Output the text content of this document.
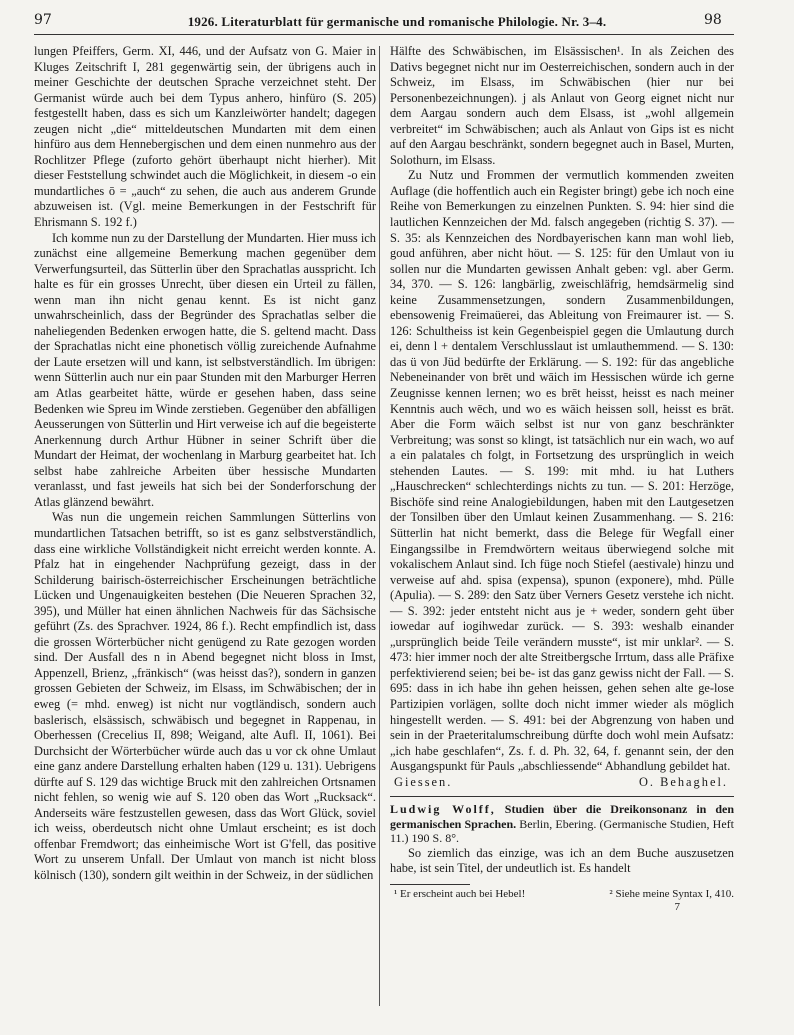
97	1926. Literaturblatt für germanische und romanische Philologie. Nr. 3–4.	98

lungen Pfeiffers, Germ. XI, 446, und der Aufsatz von G. Maier in Kluges Zeitschrift I, 281 gegenwärtig sein, der übrigens auch in meiner Geschichte der deutschen Sprache verzeichnet steht. Der Germanist würde auch bei dem Typus anhero, hinfüro (S. 205) festgestellt haben, dass es sich um Kanzleiwörter handelt; dagegen zeugen nicht „die“ mitteldeutschen Mundarten mit dem einen hinfüro aus dem Hennebergischen und dem einen nunmehro aus der Rochlitzer Pflege (zuforto gehört überhaupt nicht hierher). Mit dieser Feststellung schwindet auch die Möglichkeit, in diesem -o ein mundartliches ō = „auch“ zu sehen, die auch aus anderem Grunde abzuweisen ist. (Vgl. meine Bemerkungen in der Festschrift für Ehrismann S. 192 f.)

Ich komme nun zu der Darstellung der Mundarten. Hier muss ich zunächst eine allgemeine Bemerkung machen gegenüber dem Verwerfungsurteil, das Sütterlin über den Sprachatlas ausspricht. Ich halte es für ein grosses Unrecht, über diesen ein Urteil zu fällen, wenn man ihn nicht genau kennt. Es ist nicht ganz unwahrscheinlich, dass der Begründer des Sprachatlas selber die naheliegenden Bedenken erwogen hatte, die S. geltend macht. Dass der Sprachatlas nicht eine phonetisch völlig zureichende Aufnahme der Laute ersetzen will und kann, ist selbstverständlich. Im übrigen: wenn Sütterlin auch nur ein paar Stunden mit den Marburger Herren am Atlas gearbeitet hätte, würde er gesehen haben, dass seine Bedenken wie Spreu im Winde zerstieben. Gegenüber den abfälligen Aeusserungen von Sütterlin und Hirt verweise ich auf die begeisterte Anerkennung durch Arthur Hübner in seiner Schrift über die Mundart der Heimat, der wochenlang in Marburg gearbeitet hat. Ich selbst habe zahlreiche Arbeiten über hessische Mundarten veranlasst, und fast jeweils hat sich bei der Sonderforschung der Atlas glänzend bewährt.

Was nun die ungemein reichen Sammlungen Sütterlins von mundartlichen Tatsachen betrifft, so ist es ganz selbstverständlich, dass eine wirkliche Vollständigkeit nicht erreicht werden konnte. A. Pfalz hat in eingehender Nachprüfung gezeigt, dass in der Schilderung bairisch-österreichischer Erscheinungen beträchtliche Lücken und Ungenauigkeiten bestehen (Die Neueren Sprachen 32, 395), und Müller hat einen ähnlichen Nachweis für das Sächsische geführt (Zs. des Sprachver. 1924, 86 f.). Recht empfindlich ist, dass die grossen Wörterbücher nicht genügend zu Rate gezogen worden sind. Der Ausfall des n in Abend begegnet nicht bloss in Imst, Appenzell, Brienz, „fränkisch“ (was heisst das?), sondern in ganzen grossen Gebieten der Schweiz, im Elsass, im Schwäbischen; der in eweg (= mhd. enweg) ist nicht nur vogtländisch, sondern auch baslerisch, elsässisch, schwäbisch und begegnet in Rappenau, in Oberhessen (Crecelius II, 898; Weigand, alte Aufl. II, 1061). Bei Durchsicht der Wörterbücher würde auch das u vor ck ohne Umlaut eine ganz andere Darstellung erhalten haben (129 u. 131). Uebrigens dürfte auf S. 129 das wichtige Bruck mit den zahlreichen Ortsnamen nicht fehlen, so wenig wie auf S. 120 oben das Wort „Rucksack“. Anderseits wäre festzustellen gewesen, dass das Wort Glück, soviel ich weiss, oberdeutsch nicht ohne Umlaut erscheint; es ist doch offenbar Fremdwort; das einheimische Wort ist G'fell, das positive Wort zu unserem Unfall. Der Umlaut von manch ist nicht bloss kölnisch (130), sondern gilt weithin in der Schweiz, in der südlichen

Hälfte des Schwäbischen, im Elsässischen¹. In als Zeichen des Dativs begegnet nicht nur im Oesterreichischen, sondern auch in der Schweiz, im Elsass, im Schwäbischen (hier nur bei Personenbezeichnungen). j als Anlaut von Georg eignet nicht nur dem Aargau sondern auch dem Elsass, ist „wohl allgemein verbreitet“ im Schwäbischen; auch als Anlaut von Gips ist es nicht auf den Aargau beschränkt, sondern begegnet auch in Basel, Murten, Solothurn, im Elsass.

Zu Nutz und Frommen der vermutlich kommenden zweiten Auflage (die hoffentlich auch ein Register bringt) gebe ich noch eine Reihe von Bemerkungen zu einzelnen Punkten. S. 94: hier sind die lautlichen Kennzeichen der Md. falsch angegeben (richtig S. 37). — S. 35: als Kennzeichen des Nordbayerischen kann man wohl lieb, goud anführen, aber nicht höut. — S. 125: für den Umlaut von iu sollen nur die Mundarten gewissen Anhalt geben: vgl. aber Germ. 34, 370. — S. 126: langbärlig, zweischläfrig, hemdsärmelig sind keine Zusammensetzungen, sondern Zusammenbildungen, ebensowenig Freimaüerei, das Ableitung von Freimaurer ist. — S. 126: Schultheiss ist kein Gegenbeispiel gegen die Umlautung durch ei, denn l + dentalem Verschlusslaut ist umlauthemmend. — S. 130: das ü von Jüd bedürfte der Erklärung. — S. 192: für das angebliche Nebeneinander von brēt und wāich im Hessischen würde ich gerne Zeugnisse kennen lernen; wo es brēt heisst, heisst es nach meiner Kenntnis auch wēch, und wo es wāich heissen soll, heisst es brāt. Aber die Form wāich selbst ist nur von ganz beschränkter Verbreitung; was sonst so klingt, ist tatsächlich nur ein wach, wo auf a ein palatales ch folgt, in Fortsetzung des ursprünglich in weich stehenden Lautes. — S. 199: mit mhd. iu hat Luthers „Hauschrecken“ schlechterdings nichts zu tun. — S. 201: Herzöge, Bischöfe sind reine Analogiebildungen, haben mit den Lautgesetzen der Tonsilben über den Umlaut keinen Zusammenhang. — S. 216: Sütterlin hat nicht bemerkt, dass die Belege für Wegfall einer Eingangssilbe in Fremdwörtern weitaus überwiegend solche mit vokalischem Anlaut sind. Ich füge noch Stiefel (aestivale) hinzu und verweise auf ahd. spisa (expensa), spunon (exponere), mhd. Pülle (Apulia). — S. 289: den Satz über Verners Gesetz verstehe ich nicht. — S. 392: jeder entsteht nicht aus je + weder, sondern geht über iowedar auf iogihwedar zurück. — S. 393: weshalb einander „ursprünglich beide Teile verändern musste“, ist mir unklar². — S. 473: hier immer noch der alte Streitbergsche Irrtum, dass alle Präfixe perfektivierend seien; bei be- ist das ganz gewiss nicht der Fall. — S. 695: dass in ich habe ihn gehen heissen, gehen sehen alte ge-lose Partizipien vorlägen, sollte doch nicht immer wieder als möglich hingestellt werden. — S. 491: bei der Abgrenzung von haben und sein in der Praeteritalumschreibung dürfte doch wohl mein Aufsatz: „ich habe geschlafen“, Zs. f. d. Ph. 32, 64, f. genannt sein, der den Ausgangspunkt für Pauls „abschliessende“ Abhandlung gebildet hat.

Giessen.	O. Behaghel.

Ludwig Wolff, Studien über die Dreikonsonanz in den germanischen Sprachen. Berlin, Ebering. (Germanische Studien, Heft 11.) 190 S. 8°.

So ziemlich das einzige, was ich an dem Buche auszusetzen habe, ist sein Titel, der undeutlich ist. Es handelt

¹ Er erscheint auch bei Hebel!	² Siehe meine Syntax I, 410.
7
